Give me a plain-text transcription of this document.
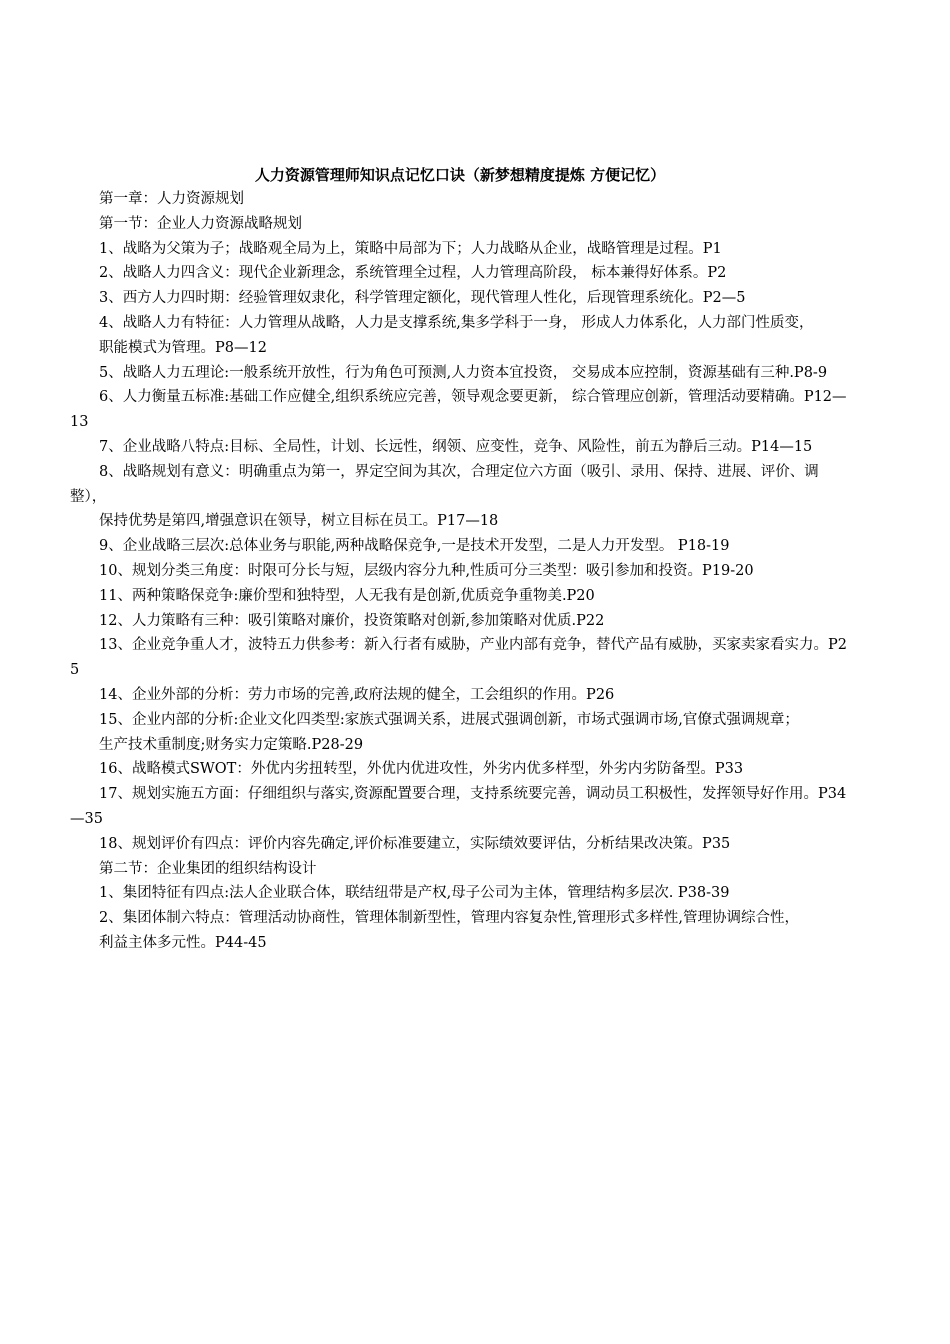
人力资源管理师知识点记忆口诀（新梦想精度提炼 方便记忆）

第一章：人力资源规划

第一节：企业人力资源战略规划

1、战略为父策为子；战略观全局为上，策略中局部为下；人力战略从企业，战略管理是过程。P1

2、战略人力四含义：现代企业新理念，系统管理全过程，人力管理高阶段， 标本兼得好体系。P2

3、西方人力四时期：经验管理奴隶化，科学管理定额化，现代管理人性化，后现管理系统化。P2—5

4、战略人力有特征：人力管理从战略，人力是支撑系统,集多学科于一身， 形成人力体系化，人力部门性质变，

职能模式为管理。P8—12

5、战略人力五理论:一般系统开放性，行为角色可预测,人力资本宜投资， 交易成本应控制，资源基础有三种.P8-9

6、人力衡量五标准:基础工作应健全,组织系统应完善，领导观念要更新， 综合管理应创新，管理活动要精确。P12—13

7、企业战略八特点:目标、全局性，计划、长远性，纲领、应变性，竞争、风险性，前五为静后三动。P14—15

8、战略规划有意义：明确重点为第一，界定空间为其次，合理定位六方面（吸引、录用、保持、进展、评价、调整），

保持优势是第四,增强意识在领导，树立目标在员工。P17—18

9、企业战略三层次:总体业务与职能,两种战略保竞争,一是技术开发型，二是人力开发型。 P18-19

10、规划分类三角度：时限可分长与短，层级内容分九种,性质可分三类型：吸引参加和投资。P19-20

11、两种策略保竞争:廉价型和独特型，人无我有是创新,优质竞争重物美.P20

12、人力策略有三种：吸引策略对廉价，投资策略对创新,参加策略对优质.P22

13、企业竞争重人才，波特五力供参考：新入行者有威胁，产业内部有竞争，替代产品有威胁，买家卖家看实力。P25

14、企业外部的分析：劳力市场的完善,政府法规的健全，工会组织的作用。P26

15、企业内部的分析:企业文化四类型:家族式强调关系，进展式强调创新，市场式强调市场,官僚式强调规章；

生产技术重制度;财务实力定策略.P28-29

16、战略模式SWOT：外优内劣扭转型，外优内优进攻性，外劣内优多样型，外劣内劣防备型。P33

17、规划实施五方面：仔细组织与落实,资源配置要合理，支持系统要完善，调动员工积极性，发挥领导好作用。P34—35

18、规划评价有四点：评价内容先确定,评价标准要建立，实际绩效要评估，分析结果改决策。P35

第二节：企业集团的组织结构设计

1、集团特征有四点:法人企业联合体，联结纽带是产权,母子公司为主体，管理结构多层次. P38-39

2、集团体制六特点：管理活动协商性，管理体制新型性，管理内容复杂性,管理形式多样性,管理协调综合性，

利益主体多元性。P44-45
